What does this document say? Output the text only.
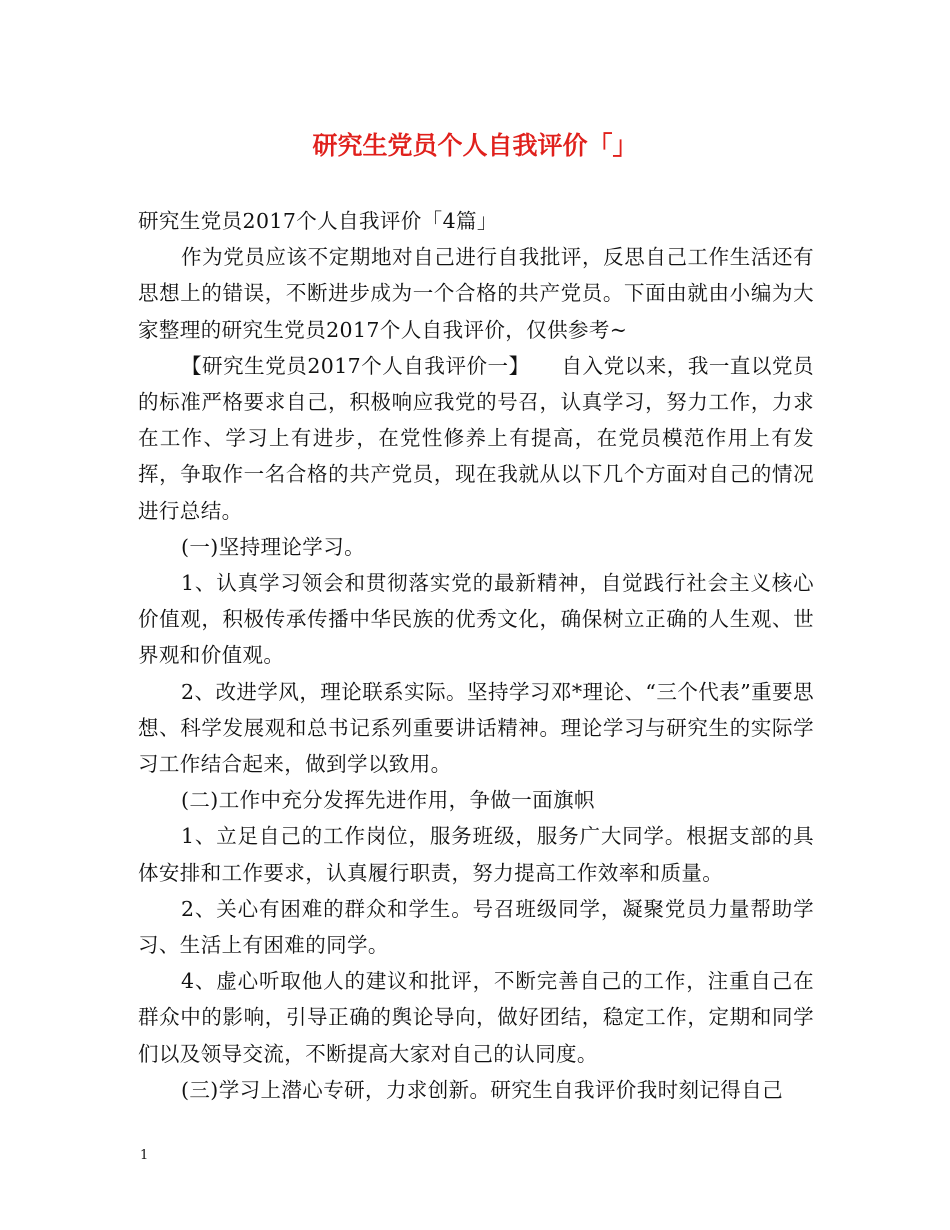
研究生党员个人自我评价「」

研究生党员2017个人自我评价「4篇」

作为党员应该不定期地对自己进行自我批评，反思自己工作生活还有思想上的错误，不断进步成为一个合格的共产党员。下面由就由小编为大家整理的研究生党员2017个人自我评价，仅供参考~

【研究生党员2017个人自我评价一】　　自入党以来，我一直以党员的标准严格要求自己，积极响应我党的号召，认真学习，努力工作，力求在工作、学习上有进步，在党性修养上有提高，在党员模范作用上有发挥，争取作一名合格的共产党员，现在我就从以下几个方面对自己的情况进行总结。

(一)坚持理论学习。

1、认真学习领会和贯彻落实党的最新精神，自觉践行社会主义核心价值观，积极传承传播中华民族的优秀文化，确保树立正确的人生观、世界观和价值观。

2、改进学风，理论联系实际。坚持学习邓*理论、“三个代表”重要思想、科学发展观和总书记系列重要讲话精神。理论学习与研究生的实际学习工作结合起来，做到学以致用。

(二)工作中充分发挥先进作用，争做一面旗帜

1、立足自己的工作岗位，服务班级，服务广大同学。根据支部的具体安排和工作要求，认真履行职责，努力提高工作效率和质量。

2、关心有困难的群众和学生。号召班级同学，凝聚党员力量帮助学习、生活上有困难的同学。

4、虚心听取他人的建议和批评，不断完善自己的工作，注重自己在群众中的影响，引导正确的舆论导向，做好团结，稳定工作，定期和同学们以及领导交流，不断提高大家对自己的认同度。

(三)学习上潜心专研，力求创新。研究生自我评价我时刻记得自己

1
